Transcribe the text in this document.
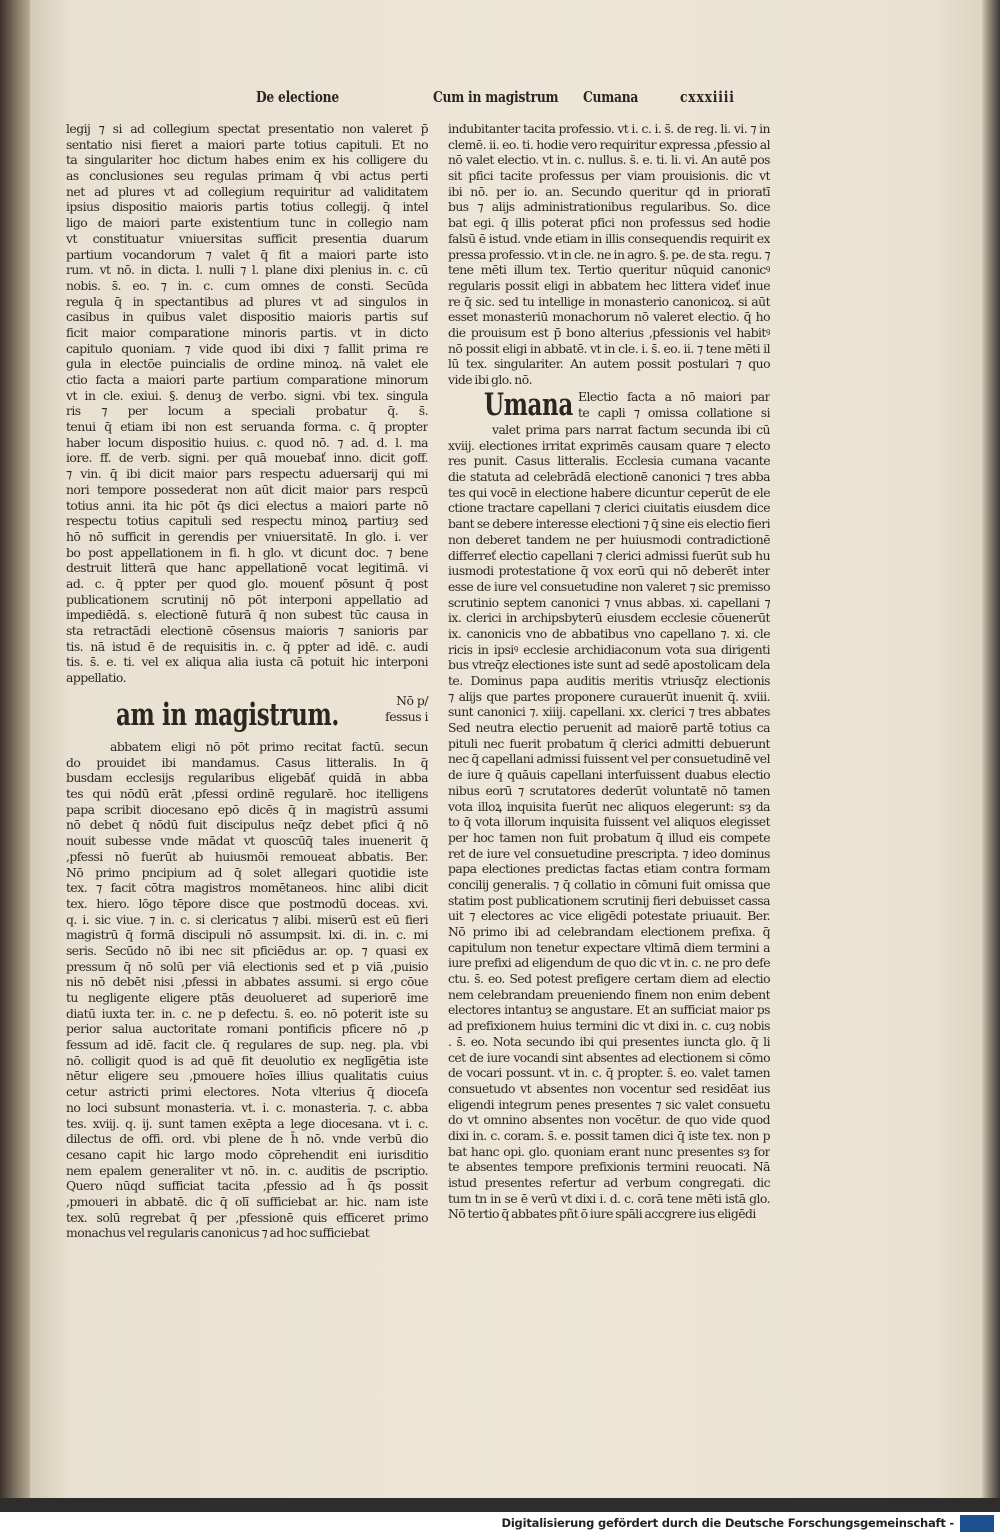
De electione	Cum in magistrum Cumana	cxxxiiii
legij ⁊ si ad collegium spectat presentatio non valeret p̄
sentatio nisi fieret a maiori parte totius capituli. Et no
ta singulariter hoc dictum habes enim ex his colligere du
as conclusiones seu regulas primam q̄ vbi actus perti
net ad plures vt ad collegium requiritur ad validitatem
ipsius dispositio maioris partis totius collegij. q̄ intel
ligo de maiori parte existentium tunc in collegio nam
vt constituatur vniuersitas sufficit presentia duarum
partium vocandorum ⁊ valet q̄ fit a maiori parte isto
rum. vt nō. in dicta. l. nulli ⁊ l. plane dixi plenius in. c. cū
nobis. s̄. eo. ⁊ in. c. cum omnes de consti. Secūda
regula q̄ in spectantibus ad plures vt ad singulos in
casibus in quibus valet dispositio maioris partis suf
ficit maior comparatione minoris partis. vt in dicto
capitulo quoniam. ⁊ vide quod ibi dixi ⁊ fallit prima re
gula in electōe puincialis de ordine minoꝝ. nā valet ele
ctio facta a maiori parte partium comparatione minorum
vt in cle. exiui. §. denuȝ de verbo. signi. vbi tex. singula
ris ⁊ per locum a speciali probatur q̄. s̄.
tenui q̄ etiam ibi non est seruanda forma. c. q̄ propter
haber locum dispositio huius. c. quod nō. ⁊ ad. d. l. ma
iore. ff. de verb. signi. per quā mouebať inno. dicit goff.
⁊ vin. q̄ ibi dicit maior pars respectu aduersarij qui mi
nori tempore possederat non aūt dicit maior pars respcū
totius anni. ita hic pōt q̄s dici electus a maiori parte nō
respectu totius capituli sed respectu minoꝝ partiuȝ sed
hō nō sufficit in gerendis per vniuersitatē. In glo. i. ver
bo post appellationem in fi. h glo. vt dicunt doc. ⁊ bene
destruit litterā que hanc appellationē vocat legitimā. vi
ad. c. q̄ ppter per quod glo. mouenť pōsunt q̄ post
publicationem scrutinij nō pōt interponi appellatio ad
impediēdā. s. electionē futurā q̄ non subest tūc causa in
sta retractādi electionē cōsensus maioris ⁊ sanioris par
tis. nā istud ē de requisitis in. c. q̄ ppter ad idē. c. audi
tis. s̄. e. ti. vel ex aliqua alia iusta cā potuit hic interponi
appellatio.
am in magistrum.	Nō p/
fessus i
abbatem eligi nō pōt primo recitat factū. secun
do prouidet ibi mandamus. Casus litteralis. In q̄
busdam ecclesijs regularibus eligebāť quidā in abba
tes qui nōdū erāt ,pfessi ordinē regularē. hoc itelligens
papa scribit diocesano epō dicēs q̄ in magistrū assumi
nō debet q̄ nōdū fuit discipulus neq̄z debet pfici q̄ nō
nouit subesse vnde mādat vt quoscūq̄ tales inuenerit q̄
,pfessi nō fuerūt ab huiusmōi remoueat abbatis. Ber.
Nō primo pncipium ad q̄ solet allegari quotidie iste
tex. ⁊ facit cōtra magistros momētaneos. hinc alibi dicit
tex. hiero. lōgo tēpore disce que postmodū doceas. xvi.
q. i. sic viue. ⁊ in. c. si clericatus ⁊ alibi. miserū est eū fieri
magistrū q̄ formā discipuli nō assumpsit. lxi. di. in. c. mi
seris. Secūdo nō ibi nec sit pficiēdus ar. op. ⁊ quasi ex
pressum q̄ nō solū per viā electionis sed et p viā ,puisio
nis nō debēt nisi ,pfessi in abbates assumi. si ergo cōue
tu negligente eligere ptās deuolueret ad superiorē ime
diatū iuxta ter. in. c. ne p defectu. s̄. eo. nō poterit iste su
perior salua auctoritate romani pontificis pficere nō ,p
fessum ad idē. facit cle. q̄ regulares de sup. neg. pla. vbi
nō. colligit quod is ad quē fit deuolutio ex neglīgētia iste
nētur eligere seu ,pmouere hoīes illius qualitatis cuius
cetur astricti primi electores. Nota vlterius q̄ dioceſa
no loci subsunt monasteria. vt. i. c. monasteria. ⁊. c. abba
tes. xviij. q. ij. sunt tamen exēpta a lege diocesana. vt i. c.
dilectus de offi. ord. vbi plene de h̄ nō. vnde verbū dio
cesano capit hic largo modo cōprehendit eni iurisditio
nem epalem generaliter vt nō. in. c. auditis de pscriptio.
Quero nūqd sufficiat tacita ,pfessio ad h̄ q̄s possit
,pmoueri in abbatē. dic q̄ olī sufficiebat ar. hic. nam iste
tex. solū regrebat q̄ per ,pfessionē quis efficeret primo
monachus vel regularis canonicus ⁊ ad hoc sufficiebat
indubitanter tacita professio. vt i. c. i. s̄. de reg. li. vi. ⁊ in
clemē. ii. eo. ti. hodie vero requiritur expressa ,pfessio al
nō valet electio. vt in. c. nullus. s̄. e. ti. li. vi. An autē pos
sit pfici tacite professus per viam prouisionis. dic vt
ibi nō. per io. an. Secundo queritur qd in prioratī
bus ⁊ alijs administrationibus regularibus. So. dice
bat egi. q̄ illis poterat pfici non professus sed hodie
falsū ē istud. vnde etiam in illis consequendis requirit ex
pressa professio. vt in cle. ne in agro. §. pe. de sta. regu. ⁊
tene mēti illum tex. Tertio queritur nūquid canonicꝰ
regularis possit eligi in abbatem hec littera videť inue
re q̄ sic. sed tu intellige in monasterio canonicoꝝ. si aūt
esset monasteriū monachorum nō valeret electio. q̄ ho
die prouisum est p̄ bono alterius ,pfessionis vel habitꝰ
nō possit eligi in abbatē. vt in cle. i. s̄. eo. ii. ⁊ tene mēti il
lū tex. singulariter. An autem possit postulari ⁊ quo
vide ibi glo. nō.
Umana Electio facta a nō maiori par
te capli ⁊ omissa collatione si
valet prima pars narrat factum secunda ibi cū
xviij. electiones irritat exprimēs causam quare ⁊ electo
res punit. Casus litteralis. Ecclesia cumana vacante
die statuta ad celebrādā electionē canonici ⁊ tres abba
tes qui vocē in electione habere dicuntur ceperūt de ele
ctione tractare capellani ⁊ clerici ciuitatis eiusdem dice
bant se debere interesse electioni ⁊ q̄ sine eis electio fieri
non deberet tandem ne per huiusmodi contradictionē
differreť electio capellani ⁊ clerici admissi fuerūt sub hu
iusmodi protestatione q̄ vox eorū qui nō deberēt inter
esse de iure vel consuetudine non valeret ⁊ sic premisso
scrutinio septem canonici ⁊ vnus abbas. xi. capellani ⁊
ix. clerici in archipsbyterū eiusdem ecclesie cōuenerūt
ix. canonicis vno de abbatibus vno capellano ⁊. xi. cle
ricis in ipsiꝰ ecclesie archidiaconum vota sua dirigenti
bus vtreq̄z electiones iste sunt ad sedē apostolicam dela
te. Dominus papa auditis meritis vtriusq̄z electionis
⁊ alijs que partes proponere curauerūt inuenit q̄. xviii.
sunt canonici ⁊. xiiij. capellani. xx. clerici ⁊ tres abbates
Sed neutra electio peruenit ad maiorē partē totius ca
pituli nec fuerit probatum q̄ clerici admitti debuerunt
nec q̄ capellani admissi fuissent vel per consuetudinē vel
de iure q̄ quāuis capellani interfuissent duabus electio
nibus eorū ⁊ scrutatores dederūt voluntatē nō tamen
vota illoꝝ inquisita fuerūt nec aliquos elegerunt: sȝ da
to q̄ vota illorum inquisita fuissent vel aliquos elegisset
per hoc tamen non fuit probatum q̄ illud eis compete
ret de iure vel consuetudine prescripta. ⁊ ideo dominus
papa electiones predictas factas etiam contra formam
concilij generalis. ⁊ q̄ collatio in cōmuni fuit omissa que
statim post publicationem scrutinij fieri debuisset cassa
uit ⁊ electores ac vice eligēdi potestate priuauit. Ber.
Nō primo ibi ad celebrandam electionem prefixa. q̄
capitulum non tenetur expectare vltimā diem termini a
iure prefixi ad eligendum de quo dic vt in. c. ne pro defe
ctu. s̄. eo. Sed potest prefigere certam diem ad electio
nem celebrandam preueniendo finem non enim debent
electores intantuȝ se angustare. Et an sufficiat maior ps
ad prefixionem huius termini dic vt dixi in. c. cuȝ nobis
. s̄. eo. Nota secundo ibi qui presentes iuncta glo. q̄ li
cet de iure vocandi sint absentes ad electionem si cōmo
de vocari possunt. vt in. c. q̄ propter. s̄. eo. valet tamen
consuetudo vt absentes non vocentur sed residēat ius
eligendi integrum penes presentes ⁊ sic valet consuetu
do vt omnino absentes non vocētur. de quo vide quod
dixi in. c. coram. s̄. e. possit tamen dici q̄ iste tex. non p
bat hanc opi. glo. quoniam erant nunc presentes sȝ for
te absentes tempore prefixionis termini reuocati. Nā
istud presentes refertur ad verbum congregati. dic
tum tn in se ē verū vt dixi i. d. c. corā tene mēti istā glo.
Nō tertio q̄ abbates pñt ō iure spāli accgrere ius eligēdi
Digitalisierung gefördert durch die Deutsche Forschungsgemeinschaft -
